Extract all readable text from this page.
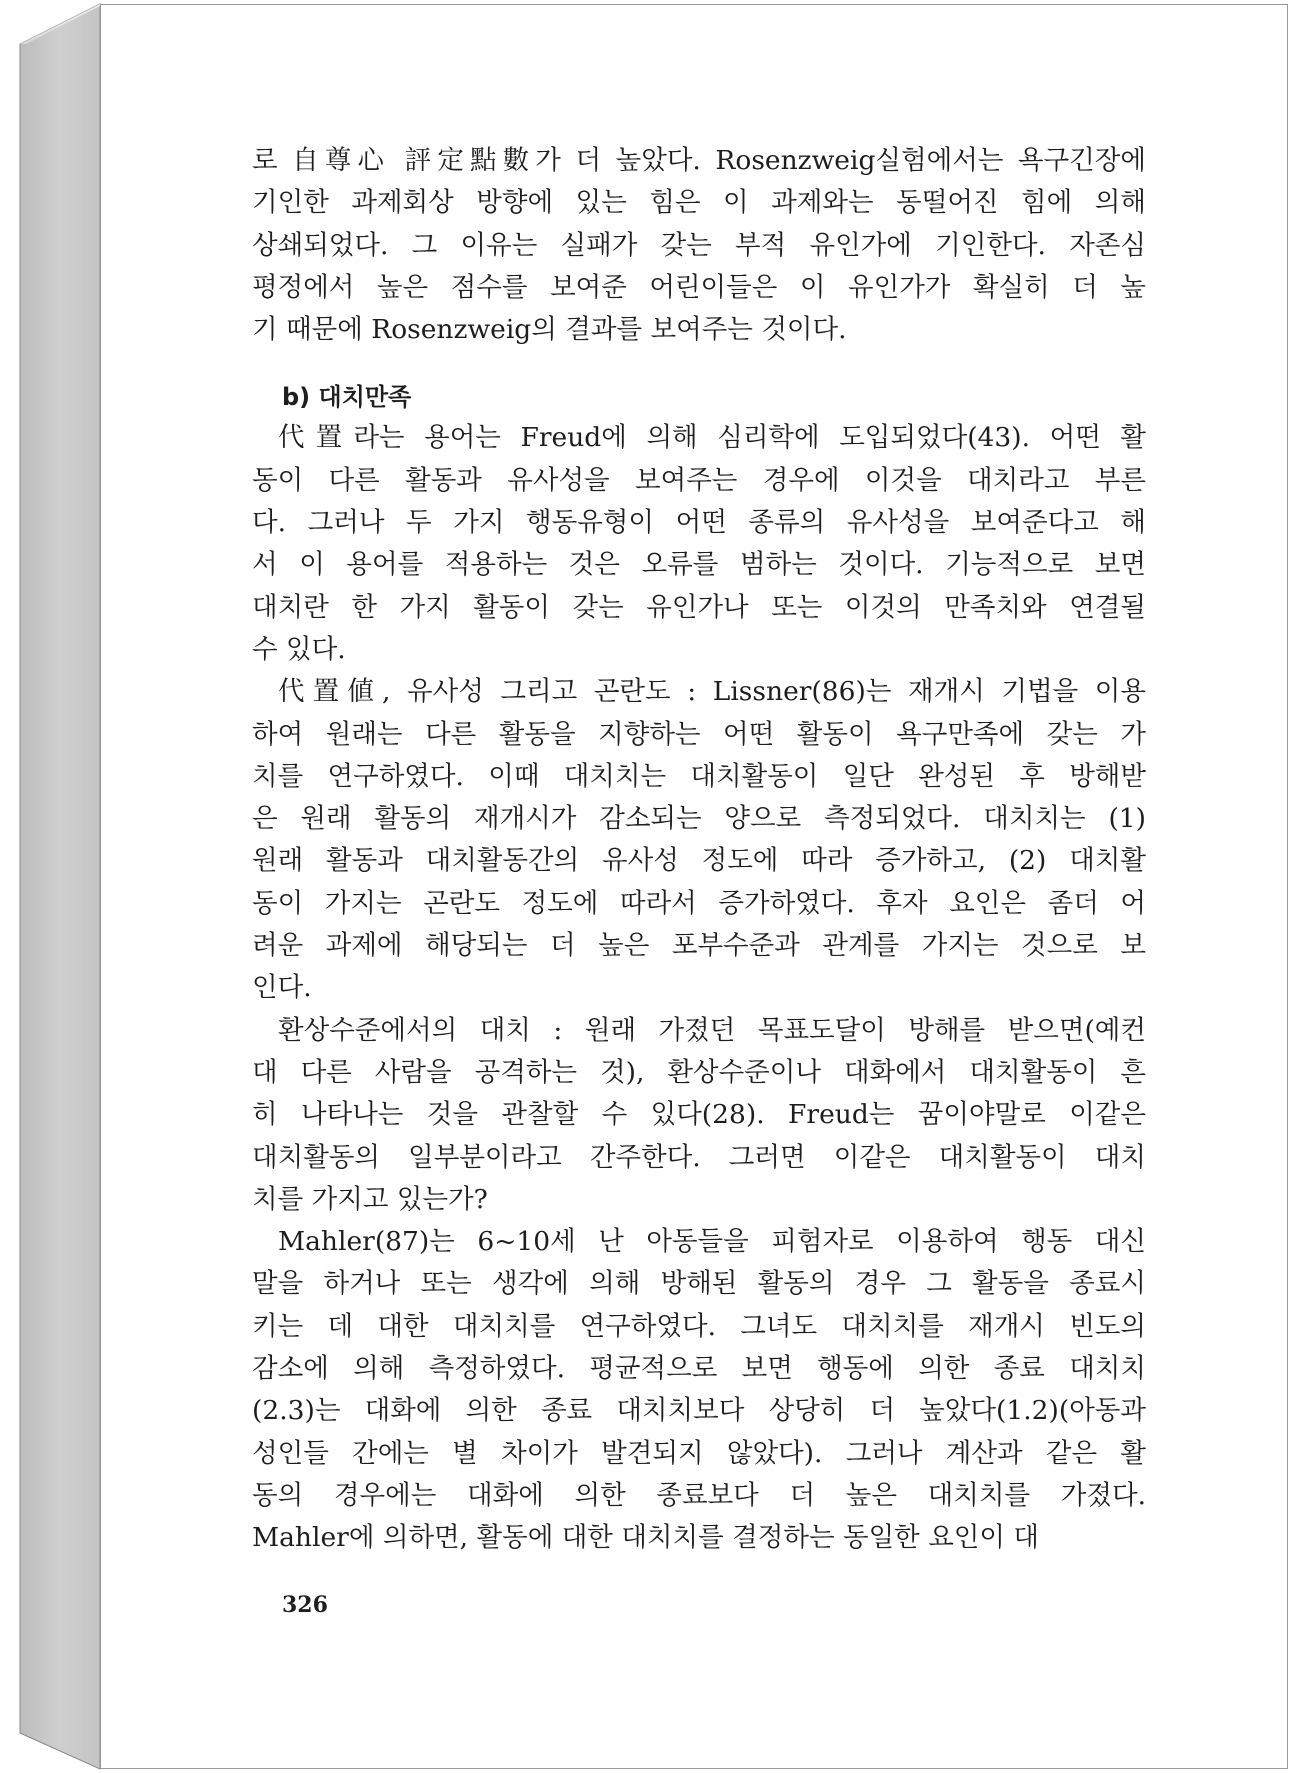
로 自尊心 評定點數가 더 높았다. Rosenzweig실험에서는 욕구긴장에
기인한 과제회상 방향에 있는 힘은 이 과제와는 동떨어진 힘에 의해
상쇄되었다. 그 이유는 실패가 갖는 부적 유인가에 기인한다. 자존심
평정에서 높은 점수를 보여준 어린이들은 이 유인가가 확실히 더 높
기 때문에 Rosenzweig의 결과를 보여주는 것이다.
b) 대치만족
代置라는 용어는 Freud에 의해 심리학에 도입되었다(43). 어떤 활
동이 다른 활동과 유사성을 보여주는 경우에 이것을 대치라고 부른
다. 그러나 두 가지 행동유형이 어떤 종류의 유사성을 보여준다고 해
서 이 용어를 적용하는 것은 오류를 범하는 것이다. 기능적으로 보면
대치란 한 가지 활동이 갖는 유인가나 또는 이것의 만족치와 연결될
수 있다.
代置値, 유사성 그리고 곤란도 : Lissner(86)는 재개시 기법을 이용
하여 원래는 다른 활동을 지향하는 어떤 활동이 욕구만족에 갖는 가
치를 연구하였다. 이때 대치치는 대치활동이 일단 완성된 후 방해받
은 원래 활동의 재개시가 감소되는 양으로 측정되었다. 대치치는 (1)
원래 활동과 대치활동간의 유사성 정도에 따라 증가하고, (2) 대치활
동이 가지는 곤란도 정도에 따라서 증가하였다. 후자 요인은 좀더 어
려운 과제에 해당되는 더 높은 포부수준과 관계를 가지는 것으로 보
인다.
환상수준에서의 대치 : 원래 가졌던 목표도달이 방해를 받으면(예컨
대 다른 사람을 공격하는 것), 환상수준이나 대화에서 대치활동이 흔
히 나타나는 것을 관찰할 수 있다(28). Freud는 꿈이야말로 이같은
대치활동의 일부분이라고 간주한다. 그러면 이같은 대치활동이 대치
치를 가지고 있는가?
Mahler(87)는 6~10세 난 아동들을 피험자로 이용하여 행동 대신
말을 하거나 또는 생각에 의해 방해된 활동의 경우 그 활동을 종료시
키는 데 대한 대치치를 연구하였다. 그녀도 대치치를 재개시 빈도의
감소에 의해 측정하였다. 평균적으로 보면 행동에 의한 종료 대치치
(2.3)는 대화에 의한 종료 대치치보다 상당히 더 높았다(1.2)(아동과
성인들 간에는 별 차이가 발견되지 않았다). 그러나 계산과 같은 활
동의 경우에는 대화에 의한 종료보다 더 높은 대치치를 가졌다.
Mahler에 의하면, 활동에 대한 대치치를 결정하는 동일한 요인이 대
326
